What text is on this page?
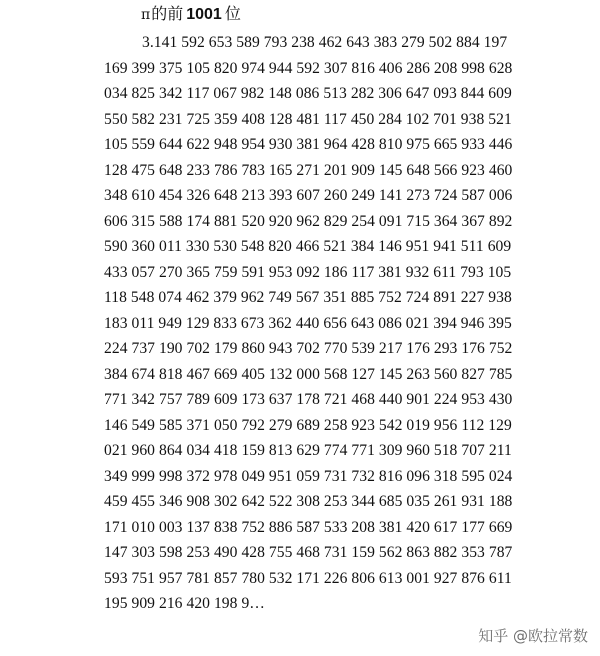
π的前 1001 位
3.141 592 653 589 793 238 462 643 383 279 502 884 197
169 399 375 105 820 974 944 592 307 816 406 286 208 998 628
034 825 342 117 067 982 148 086 513 282 306 647 093 844 609
550 582 231 725 359 408 128 481 117 450 284 102 701 938 521
105 559 644 622 948 954 930 381 964 428 810 975 665 933 446
128 475 648 233 786 783 165 271 201 909 145 648 566 923 460
348 610 454 326 648 213 393 607 260 249 141 273 724 587 006
606 315 588 174 881 520 920 962 829 254 091 715 364 367 892
590 360 011 330 530 548 820 466 521 384 146 951 941 511 609
433 057 270 365 759 591 953 092 186 117 381 932 611 793 105
118 548 074 462 379 962 749 567 351 885 752 724 891 227 938
183 011 949 129 833 673 362 440 656 643 086 021 394 946 395
224 737 190 702 179 860 943 702 770 539 217 176 293 176 752
384 674 818 467 669 405 132 000 568 127 145 263 560 827 785
771 342 757 789 609 173 637 178 721 468 440 901 224 953 430
146 549 585 371 050 792 279 689 258 923 542 019 956 112 129
021 960 864 034 418 159 813 629 774 771 309 960 518 707 211
349 999 998 372 978 049 951 059 731 732 816 096 318 595 024
459 455 346 908 302 642 522 308 253 344 685 035 261 931 188
171 010 003 137 838 752 886 587 533 208 381 420 617 177 669
147 303 598 253 490 428 755 468 731 159 562 863 882 353 787
593 751 957 781 857 780 532 171 226 806 613 001 927 876 611
195 909 216 420 198 9…
知乎 @欧拉常数
